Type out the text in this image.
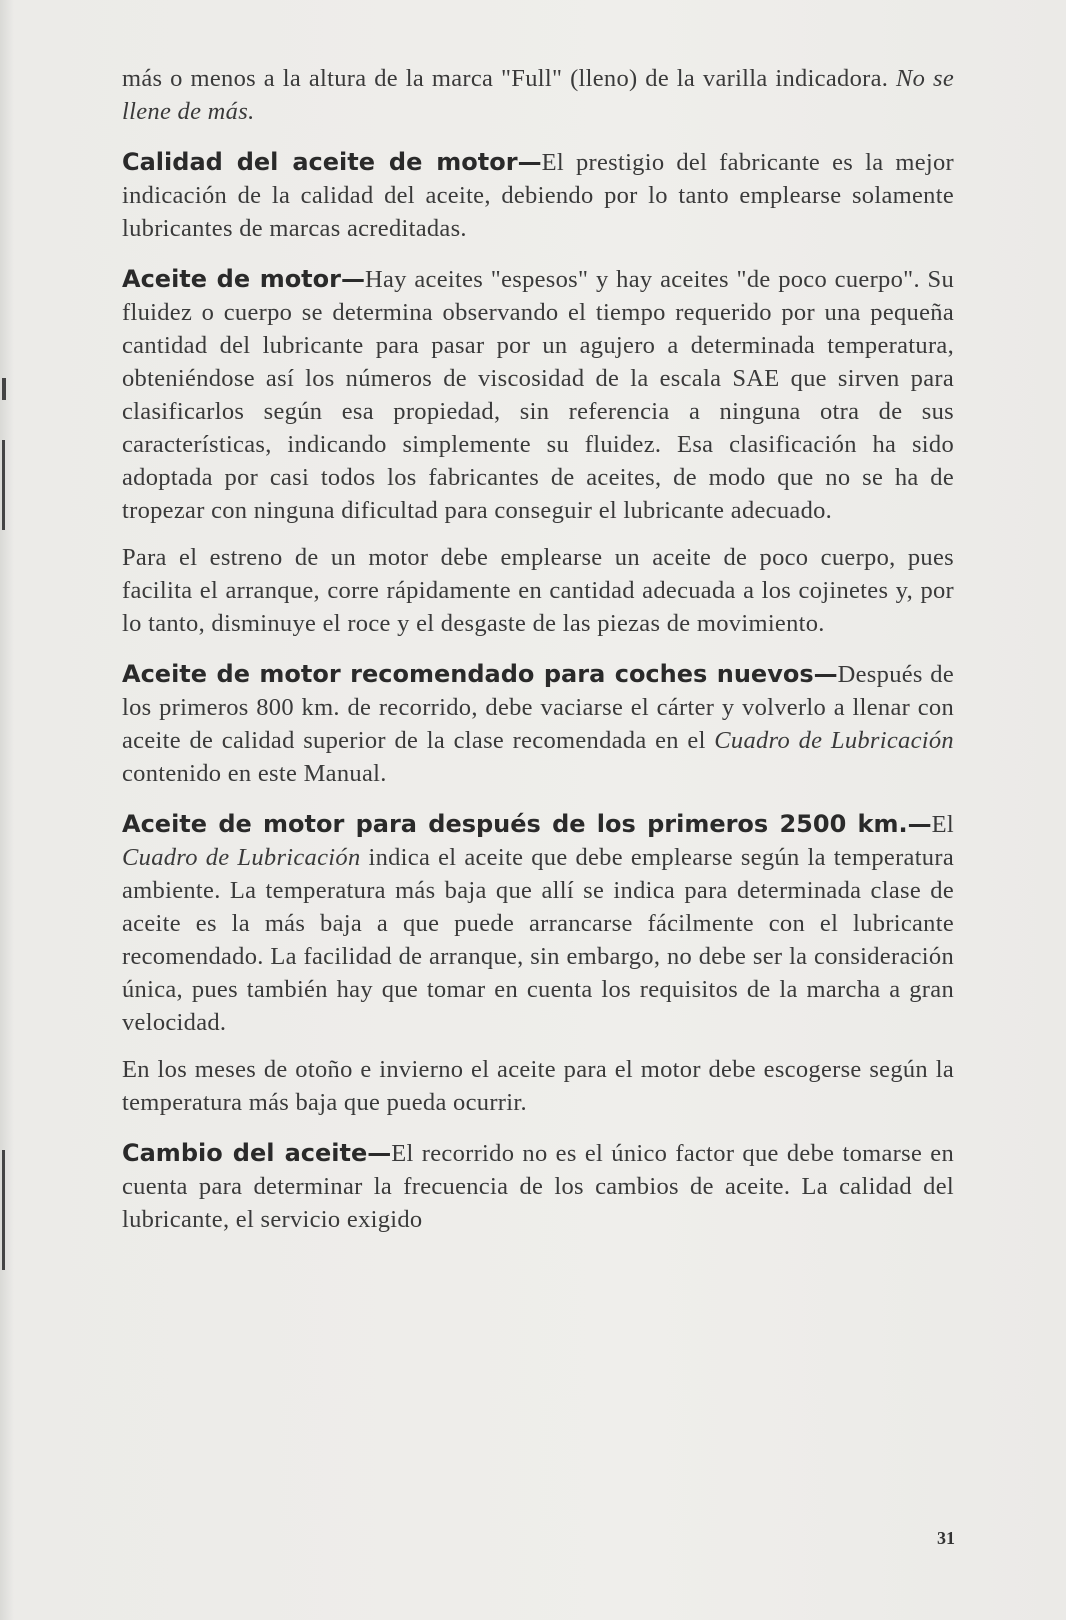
más o menos a la altura de la marca "Full" (lleno) de la varilla indicadora. No se llene de más.

Calidad del aceite de motor—El prestigio del fabricante es la mejor indicación de la calidad del aceite, debiendo por lo tanto emplearse solamente lubricantes de marcas acreditadas.

Aceite de motor—Hay aceites "espesos" y hay aceites "de poco cuerpo". Su fluidez o cuerpo se determina observando el tiempo requerido por una pequeña cantidad del lubricante para pasar por un agujero a determinada temperatura, obteniéndose así los números de viscosidad de la escala SAE que sirven para clasificarlos según esa propiedad, sin referencia a ninguna otra de sus características, indicando simplemente su fluidez. Esa clasificación ha sido adoptada por casi todos los fabricantes de aceites, de modo que no se ha de tropezar con ninguna dificultad para conseguir el lubricante adecuado.

Para el estreno de un motor debe emplearse un aceite de poco cuerpo, pues facilita el arranque, corre rápidamente en cantidad adecuada a los cojinetes y, por lo tanto, disminuye el roce y el desgaste de las piezas de movimiento.

Aceite de motor recomendado para coches nuevos—Después de los primeros 800 km. de recorrido, debe vaciarse el cárter y volverlo a llenar con aceite de calidad superior de la clase recomendada en el Cuadro de Lubricación contenido en este Manual.

Aceite de motor para después de los primeros 2500 km.—El Cuadro de Lubricación indica el aceite que debe emplearse según la temperatura ambiente. La temperatura más baja que allí se indica para determinada clase de aceite es la más baja a que puede arrancarse fácilmente con el lubricante recomendado. La facilidad de arranque, sin embargo, no debe ser la consideración única, pues también hay que tomar en cuenta los requisitos de la marcha a gran velocidad.

En los meses de otoño e invierno el aceite para el motor debe escogerse según la temperatura más baja que pueda ocurrir.

Cambio del aceite—El recorrido no es el único factor que debe tomarse en cuenta para determinar la frecuencia de los cambios de aceite. La calidad del lubricante, el servicio exigido

31
